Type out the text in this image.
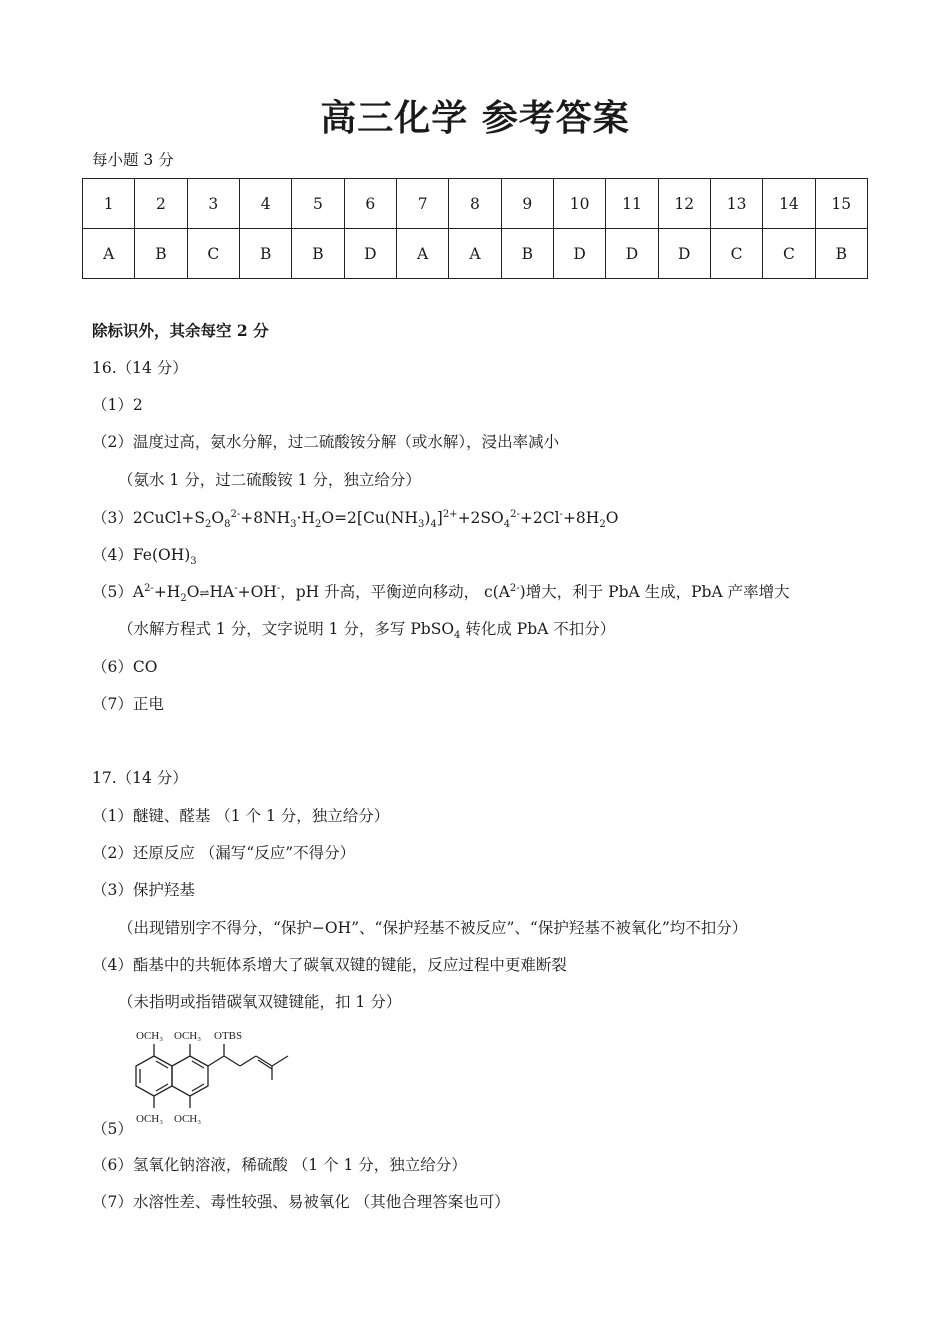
高三化学 参考答案
每小题 3 分
1	2	3	4	5	6	7	8	9	10	11	12	13	14	15
A	B	C	B	B	D	A	A	B	D	D	D	C	C	B
除标识外，其余每空 2 分
16.（14 分）
（1）2
（2）温度过高，氨水分解，过二硫酸铵分解（或水解），浸出率减小
（氨水 1 分，过二硫酸铵 1 分，独立给分）
$(3)2CuCl+S_2O_8^{2-}+8NH_3\cdot H_2O=2[Cu(NH_3)_4]^{2+}+2SO_4^{2-}+2Cl^-+8H_2O$
$(4)Fe(OH)_3$
$(5)A^{2-}+H_2O\rightleftharpoons HA^-+OH^-$，pH 升高，平衡逆向移动， $c(A^{2-})$增大，利于 PbA 生成，PbA 产率增大
（水解方程式 1 分，文字说明 1 分，多写 PbSO$_4$ 转化成 PbA 不扣分）
（6）CO
（7）正电
17.（14 分）
（1）醚键、醛基 （1 个 1 分，独立给分）
（2）还原反应 （漏写“反应”不得分）
（3）保护羟基
（出现错别字不得分，“保护−OH”、“保护羟基不被反应”、“保护羟基不被氧化”均不扣分）
（4）酯基中的共轭体系增大了碳氧双键的键能，反应过程中更难断裂
（未指明或指错碳氧双键键能，扣 1 分）
（5）
OCH₃ OCH₃ OTBS
OCH₃ OCH₃
（6）氢氧化钠溶液，稀硫酸 （1 个 1 分，独立给分）
（7）水溶性差、毒性较强、易被氧化 （其他合理答案也可）
